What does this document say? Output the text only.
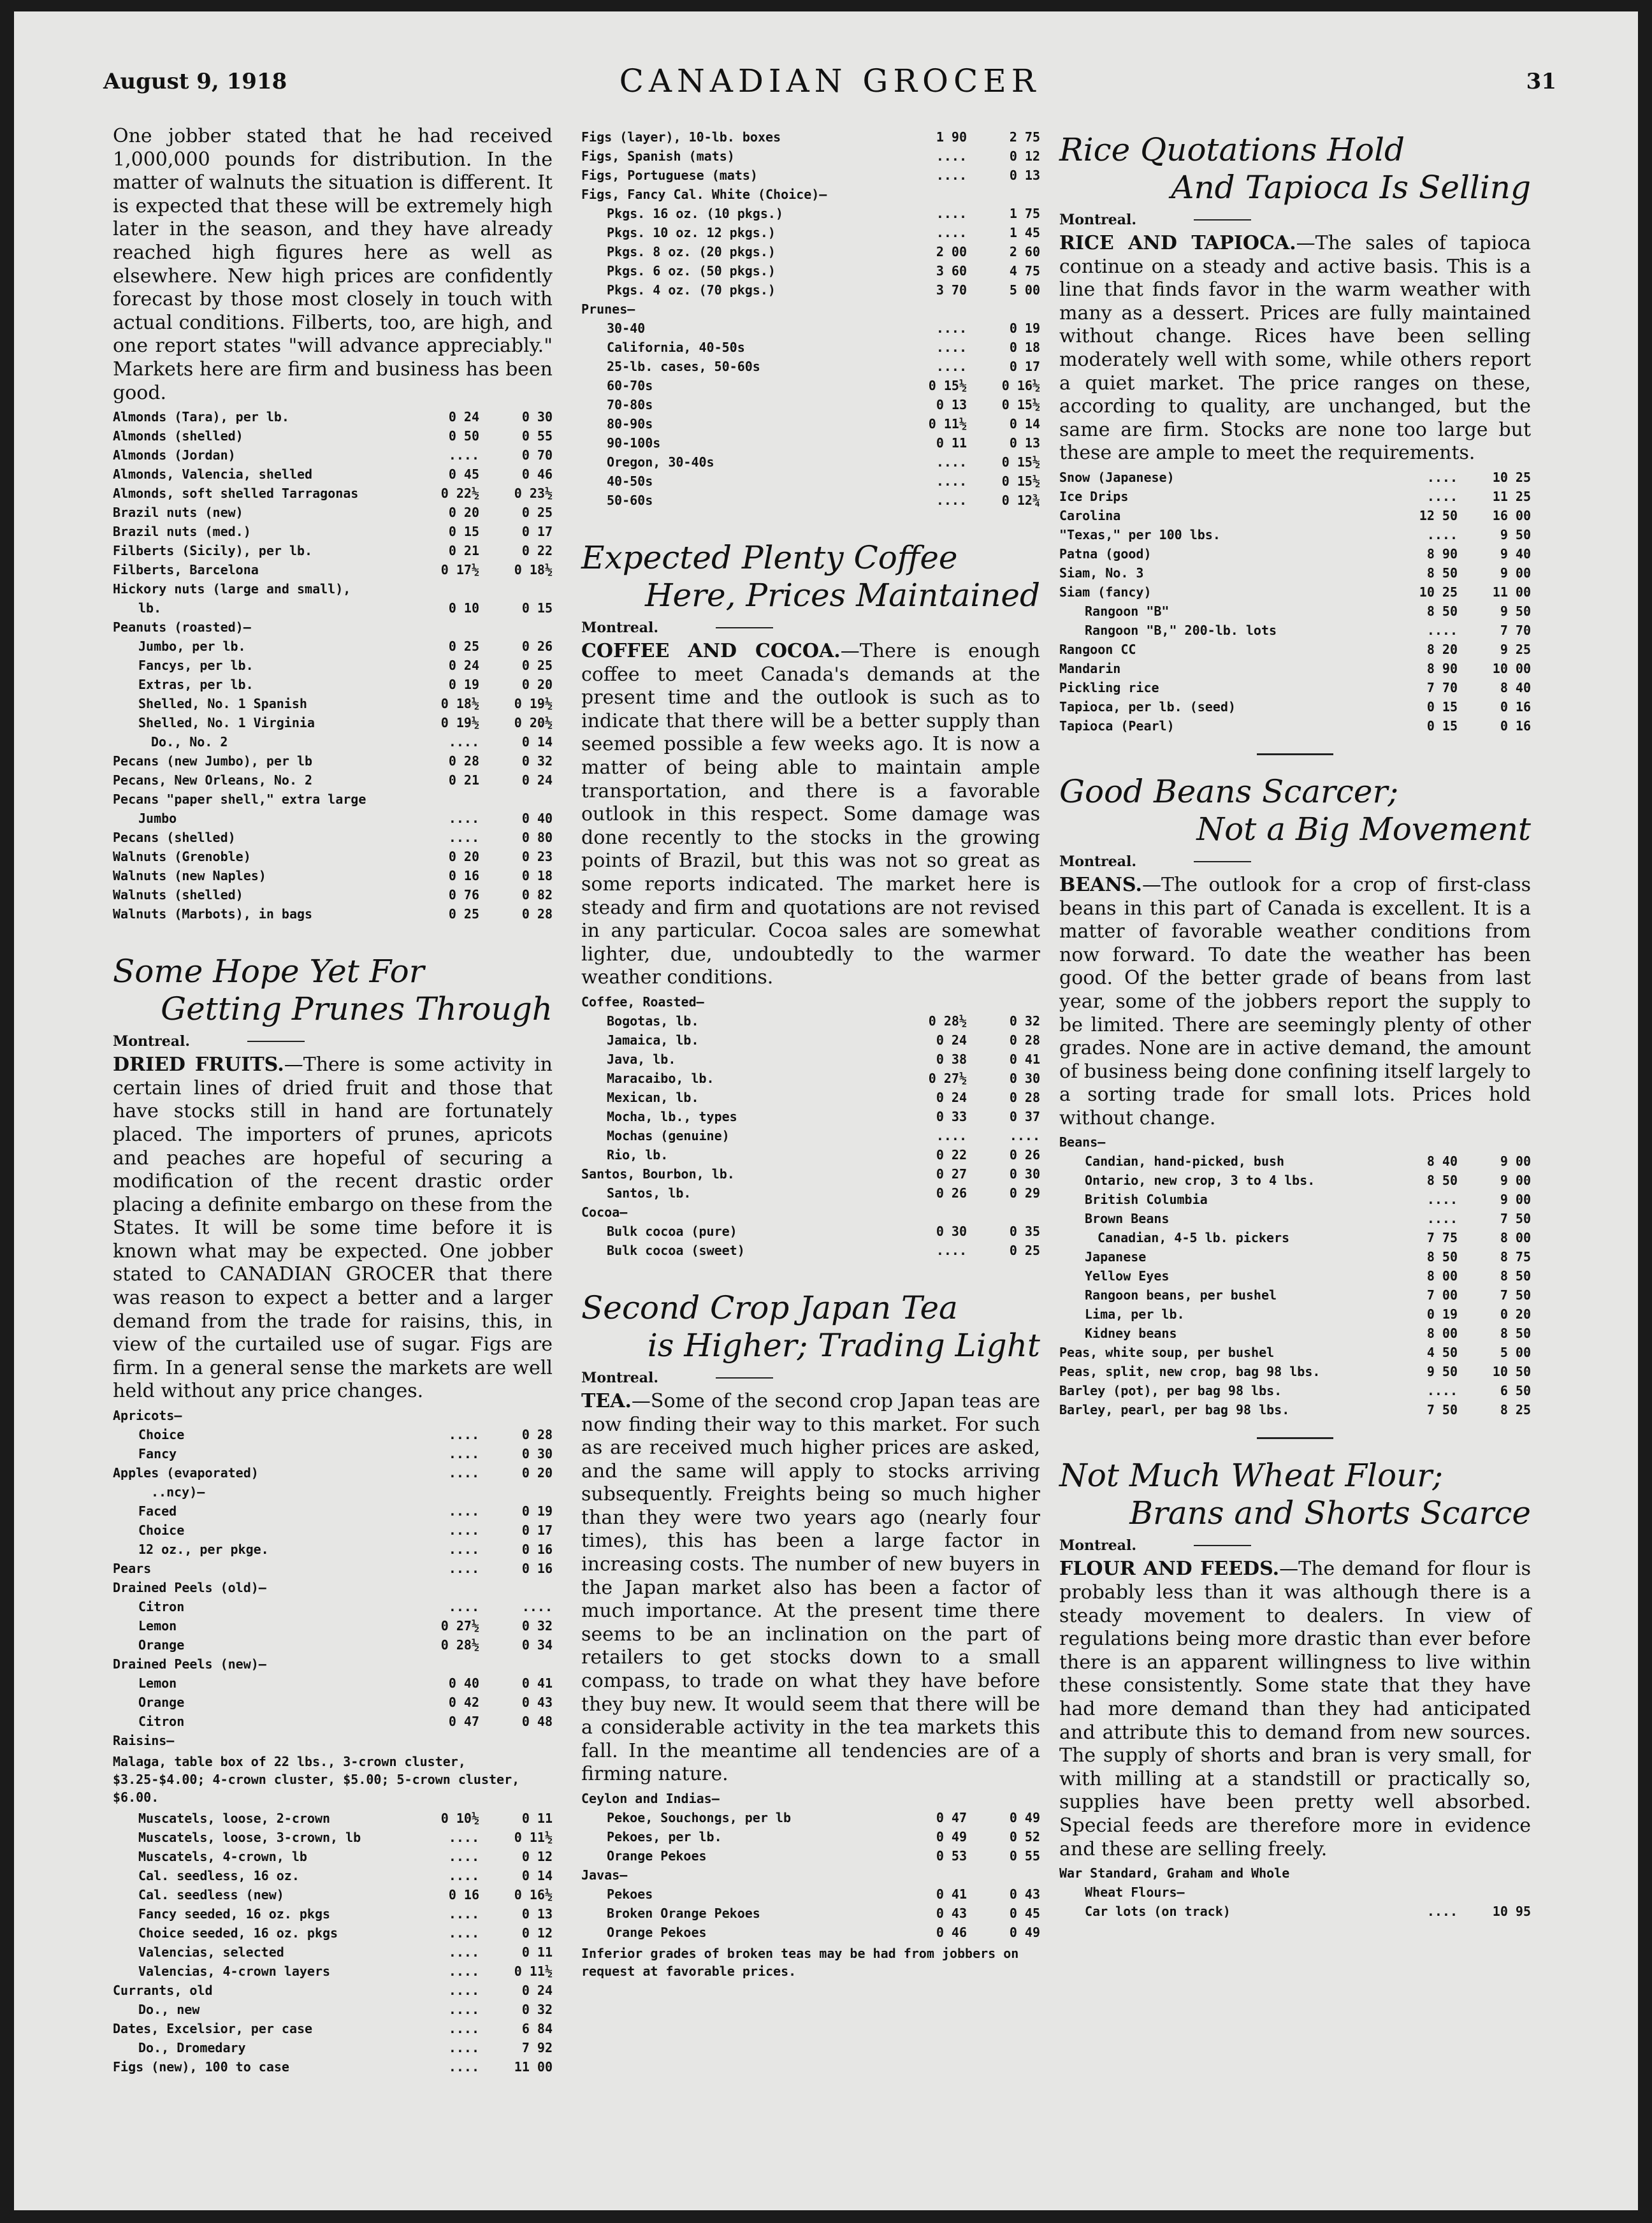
August 9, 1918	CANADIAN GROCER	31

One jobber stated that he had received 1,000,000 pounds for distribution. In the matter of walnuts the situation is different. It is expected that these will be extremely high later in the season, and they have already reached high figures here as well as elsewhere. New high prices are confidently forecast by those most closely in touch with actual conditions. Filberts, too, are high, and one report states "will advance appreciably." Markets here are firm and business has been good.

Almonds (Tara), per lb.	0 24	0 30
Almonds (shelled)	0 50	0 55
Almonds (Jordan)	....	0 70
Almonds, Valencia, shelled	0 45	0 46
Almonds, soft shelled Tarragonas	0 22½	0 23½
Brazil nuts (new)	0 20	0 25
Brazil nuts (med.)	0 15	0 17
Filberts (Sicily), per lb.	0 21	0 22
Filberts, Barcelona	0 17½	0 18½
Hickory nuts (large and small),
lb.	0 10	0 15
Peanuts (roasted)—
Jumbo, per lb.	0 25	0 26
Fancys, per lb.	0 24	0 25
Extras, per lb.	0 19	0 20
Shelled, No. 1 Spanish	0 18½	0 19½
Shelled, No. 1 Virginia	0 19½	0 20½
Do., No. 2	....	0 14
Pecans (new Jumbo), per lb	0 28	0 32
Pecans, New Orleans, No. 2	0 21	0 24
Pecans "paper shell," extra large
Jumbo	....	0 40
Pecans (shelled)	....	0 80
Walnuts (Grenoble)	0 20	0 23
Walnuts (new Naples)	0 16	0 18
Walnuts (shelled)	0 76	0 82
Walnuts (Marbots), in bags	0 25	0 28
Some Hope Yet For
Getting Prunes Through
Montreal.

DRIED FRUITS.—There is some activity in certain lines of dried fruit and those that have stocks still in hand are fortunately placed. The importers of prunes, apricots and peaches are hopeful of securing a modification of the recent drastic order placing a definite embargo on these from the States. It will be some time before it is known what may be expected. One jobber stated to CANADIAN GROCER that there was reason to expect a better and a larger demand from the trade for raisins, this, in view of the curtailed use of sugar. Figs are firm. In a general sense the markets are well held without any price changes.

Apricots—
Choice	....	0 28
Fancy	....	0 30
Apples (evaporated)	....	0 20
..ncy)—
Faced	....	0 19
Choice	....	0 17
12 oz., per pkge.	....	0 16
Pears	....	0 16
Drained Peels (old)—
Citron	....	....
Lemon	0 27½	0 32
Orange	0 28½	0 34
Drained Peels (new)—
Lemon	0 40	0 41
Orange	0 42	0 43
Citron	0 47	0 48
Raisins—
Malaga, table box of 22 lbs., 3-crown cluster, $3.25-$4.00; 4-crown cluster, $5.00; 5-crown cluster, $6.00.
Muscatels, loose, 2-crown	0 10½	0 11
Muscatels, loose, 3-crown, lb	....	0 11½
Muscatels, 4-crown, lb	....	0 12
Cal. seedless, 16 oz.	....	0 14
Cal. seedless (new)	0 16	0 16½
Fancy seeded, 16 oz. pkgs	....	0 13
Choice seeded, 16 oz. pkgs	....	0 12
Valencias, selected	....	0 11
Valencias, 4-crown layers	....	0 11½
Currants, old	....	0 24
Do., new	....	0 32
Dates, Excelsior, per case	....	6 84
Do., Dromedary	....	7 92
Figs (new), 100 to case	....	11 00
Figs (layer), 10-lb. boxes	1 90	2 75
Figs, Spanish (mats)	....	0 12
Figs, Portuguese (mats)	....	0 13
Figs, Fancy Cal. White (Choice)—
Pkgs. 16 oz. (10 pkgs.)	....	1 75
Pkgs. 10 oz. 12 pkgs.)	....	1 45
Pkgs. 8 oz. (20 pkgs.)	2 00	2 60
Pkgs. 6 oz. (50 pkgs.)	3 60	4 75
Pkgs. 4 oz. (70 pkgs.)	3 70	5 00
Prunes—
30-40	....	0 19
California, 40-50s	....	0 18
25-lb. cases, 50-60s	....	0 17
60-70s	0 15½	0 16½
70-80s	0 13	0 15½
80-90s	0 11½	0 14
90-100s	0 11	0 13
Oregon, 30-40s	....	0 15½
40-50s	....	0 15½
50-60s	....	0 12¾
Expected Plenty Coffee
Here, Prices Maintained
Montreal.

COFFEE AND COCOA.—There is enough coffee to meet Canada's demands at the present time and the outlook is such as to indicate that there will be a better supply than seemed possible a few weeks ago. It is now a matter of being able to maintain ample transportation, and there is a favorable outlook in this respect. Some damage was done recently to the stocks in the growing points of Brazil, but this was not so great as some reports indicated. The market here is steady and firm and quotations are not revised in any particular. Cocoa sales are somewhat lighter, due, undoubtedly to the warmer weather conditions.

Coffee, Roasted—
Bogotas, lb.	0 28½	0 32
Jamaica, lb.	0 24	0 28
Java, lb.	0 38	0 41
Maracaibo, lb.	0 27½	0 30
Mexican, lb.	0 24	0 28
Mocha, lb., types	0 33	0 37
Mochas (genuine)	....	....
Rio, lb.	0 22	0 26
Santos, Bourbon, lb.	0 27	0 30
Santos, lb.	0 26	0 29
Cocoa—
Bulk cocoa (pure)	0 30	0 35
Bulk cocoa (sweet)	....	0 25
Second Crop Japan Tea
is Higher; Trading Light
Montreal.

TEA.—Some of the second crop Japan teas are now finding their way to this market. For such as are received much higher prices are asked, and the same will apply to stocks arriving subsequently. Freights being so much higher than they were two years ago (nearly four times), this has been a large factor in increasing costs. The number of new buyers in the Japan market also has been a factor of much importance. At the present time there seems to be an inclination on the part of retailers to get stocks down to a small compass, to trade on what they have before they buy new. It would seem that there will be a considerable activity in the tea markets this fall. In the meantime all tendencies are of a firming nature.

Ceylon and Indias—
Pekoe, Souchongs, per lb	0 47	0 49
Pekoes, per lb.	0 49	0 52
Orange Pekoes	0 53	0 55
Javas—
Pekoes	0 41	0 43
Broken Orange Pekoes	0 43	0 45
Orange Pekoes	0 46	0 49
Inferior grades of broken teas may be had from jobbers on request at favorable prices.
Rice Quotations Hold
And Tapioca Is Selling
Montreal.

RICE AND TAPIOCA.—The sales of tapioca continue on a steady and active basis. This is a line that finds favor in the warm weather with many as a dessert. Prices are fully maintained without change. Rices have been selling moderately well with some, while others report a quiet market. The price ranges on these, according to quality, are unchanged, but the same are firm. Stocks are none too large but these are ample to meet the requirements.

Snow (Japanese)	....	10 25
Ice Drips	....	11 25
Carolina	12 50	16 00
"Texas," per 100 lbs.	....	9 50
Patna (good)	8 90	9 40
Siam, No. 3	8 50	9 00
Siam (fancy)	10 25	11 00
Rangoon "B"	8 50	9 50
Rangoon "B," 200-lb. lots	....	7 70
Rangoon CC	8 20	9 25
Mandarin	8 90	10 00
Pickling rice	7 70	8 40
Tapioca, per lb. (seed)	0 15	0 16
Tapioca (Pearl)	0 15	0 16
Good Beans Scarcer;
Not a Big Movement
Montreal.

BEANS.—The outlook for a crop of first-class beans in this part of Canada is excellent. It is a matter of favorable weather conditions from now forward. To date the weather has been good. Of the better grade of beans from last year, some of the jobbers report the supply to be limited. There are seemingly plenty of other grades. None are in active demand, the amount of business being done confining itself largely to a sorting trade for small lots. Prices hold without change.

Beans—
Candian, hand-picked, bush	8 40	9 00
Ontario, new crop, 3 to 4 lbs.	8 50	9 00
British Columbia	....	9 00
Brown Beans	....	7 50
Canadian, 4-5 lb. pickers	7 75	8 00
Japanese	8 50	8 75
Yellow Eyes	8 00	8 50
Rangoon beans, per bushel	7 00	7 50
Lima, per lb.	0 19	0 20
Kidney beans	8 00	8 50
Peas, white soup, per bushel	4 50	5 00
Peas, split, new crop, bag 98 lbs.	9 50	10 50
Barley (pot), per bag 98 lbs.	....	6 50
Barley, pearl, per bag 98 lbs.	7 50	8 25
Not Much Wheat Flour;
Brans and Shorts Scarce
Montreal.

FLOUR AND FEEDS.—The demand for flour is probably less than it was although there is a steady movement to dealers. In view of regulations being more drastic than ever before there is an apparent willingness to live within these consistently. Some state that they have had more demand than they had anticipated and attribute this to demand from new sources. The supply of shorts and bran is very small, for with milling at a standstill or practically so, supplies have been pretty well absorbed. Special feeds are therefore more in evidence and these are selling freely.

War Standard, Graham and Whole
Wheat Flours—
Car lots (on track)	....	10 95
